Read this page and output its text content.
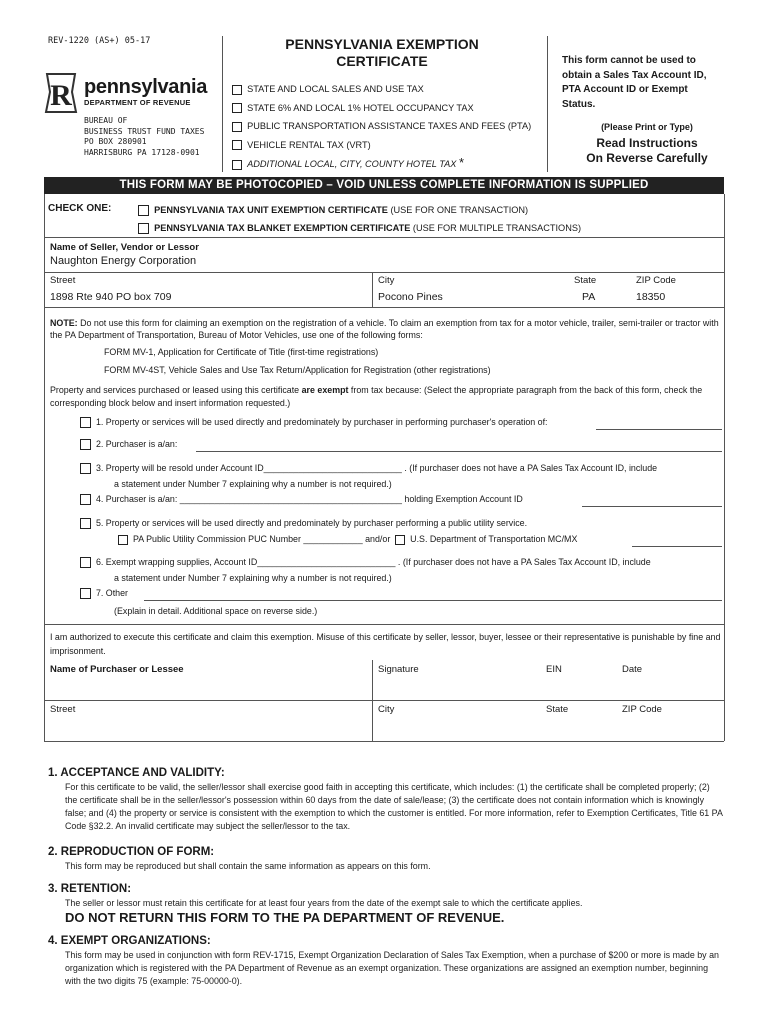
REV-1220 (AS+) 05-17
R pennsylvania
DEPARTMENT OF REVENUE
BUREAU OF
BUSINESS TRUST FUND TAXES
PO BOX 280901
HARRISBURG PA 17128-0901
PENNSYLVANIA EXEMPTION
CERTIFICATE
STATE AND LOCAL SALES AND USE TAX
STATE 6% AND LOCAL 1% HOTEL OCCUPANCY TAX
PUBLIC TRANSPORTATION ASSISTANCE TAXES AND FEES (PTA)
VEHICLE RENTAL TAX (VRT)
ADDITIONAL LOCAL, CITY, COUNTY HOTEL TAX *
This form cannot be used to obtain a Sales Tax Account ID, PTA Account ID or Exempt Status.
(Please Print or Type)
Read Instructions
On Reverse Carefully
THIS FORM MAY BE PHOTOCOPIED – VOID UNLESS COMPLETE INFORMATION IS SUPPLIED
CHECK ONE:	PENNSYLVANIA TAX UNIT EXEMPTION CERTIFICATE (USE FOR ONE TRANSACTION)
PENNSYLVANIA TAX BLANKET EXEMPTION CERTIFICATE (USE FOR MULTIPLE TRANSACTIONS)
Name of Seller, Vendor or Lessor
Naughton Energy Corporation
Street
1898 Rte 940 PO box 709
City
Pocono Pines
State
PA
ZIP Code
18350
NOTE: Do not use this form for claiming an exemption on the registration of a vehicle. To claim an exemption from tax for a motor vehicle, trailer, semi-trailer or tractor with the PA Department of Transportation, Bureau of Motor Vehicles, use one of the following forms:
FORM MV-1, Application for Certificate of Title (first-time registrations)
FORM MV-4ST, Vehicle Sales and Use Tax Return/Application for Registration (other registrations)
Property and services purchased or leased using this certificate are exempt from tax because: (Select the appropriate paragraph from the back of this form, check the corresponding block below and insert information requested.)
1. Property or services will be used directly and predominately by purchaser in performing purchaser's operation of:
2. Purchaser is a/an:
3. Property will be resold under Account ID____________________________ . (If purchaser does not have a PA Sales Tax Account ID, include
a statement under Number 7 explaining why a number is not required.)
4. Purchaser is a/an: _____________________________________________ holding Exemption Account ID
5. Property or services will be used directly and predominately by purchaser performing a public utility service.
PA Public Utility Commission PUC Number ____________ and/or U.S. Department of Transportation MC/MX
6. Exempt wrapping supplies, Account ID____________________________ . (If purchaser does not have a PA Sales Tax Account ID, include
a statement under Number 7 explaining why a number is not required.)
7. Other
(Explain in detail. Additional space on reverse side.)
I am authorized to execute this certificate and claim this exemption. Misuse of this certificate by seller, lessor, buyer, lessee or their representative is punishable by fine and imprisonment.
Name of Purchaser or Lessee	Signature	EIN	Date
Street	City	State	ZIP Code
1. ACCEPTANCE AND VALIDITY:
For this certificate to be valid, the seller/lessor shall exercise good faith in accepting this certificate, which includes: (1) the certificate shall be completed properly; (2) the certificate shall be in the seller/lessor's possession within 60 days from the date of sale/lease; (3) the certificate does not contain information which is knowingly false; and (4) the property or service is consistent with the exemption to which the customer is entitled. For more information, refer to Exemption Certificates, Title 61 PA Code §32.2. An invalid certificate may subject the seller/lessor to the tax.
2. REPRODUCTION OF FORM:
This form may be reproduced but shall contain the same information as appears on this form.
3. RETENTION:
The seller or lessor must retain this certificate for at least four years from the date of the exempt sale to which the certificate applies.
DO NOT RETURN THIS FORM TO THE PA DEPARTMENT OF REVENUE.
4. EXEMPT ORGANIZATIONS:
This form may be used in conjunction with form REV-1715, Exempt Organization Declaration of Sales Tax Exemption, when a purchase of $200 or more is made by an organization which is registered with the PA Department of Revenue as an exempt organization. These organizations are assigned an exemption number, beginning with the two digits 75 (example: 75-00000-0).
